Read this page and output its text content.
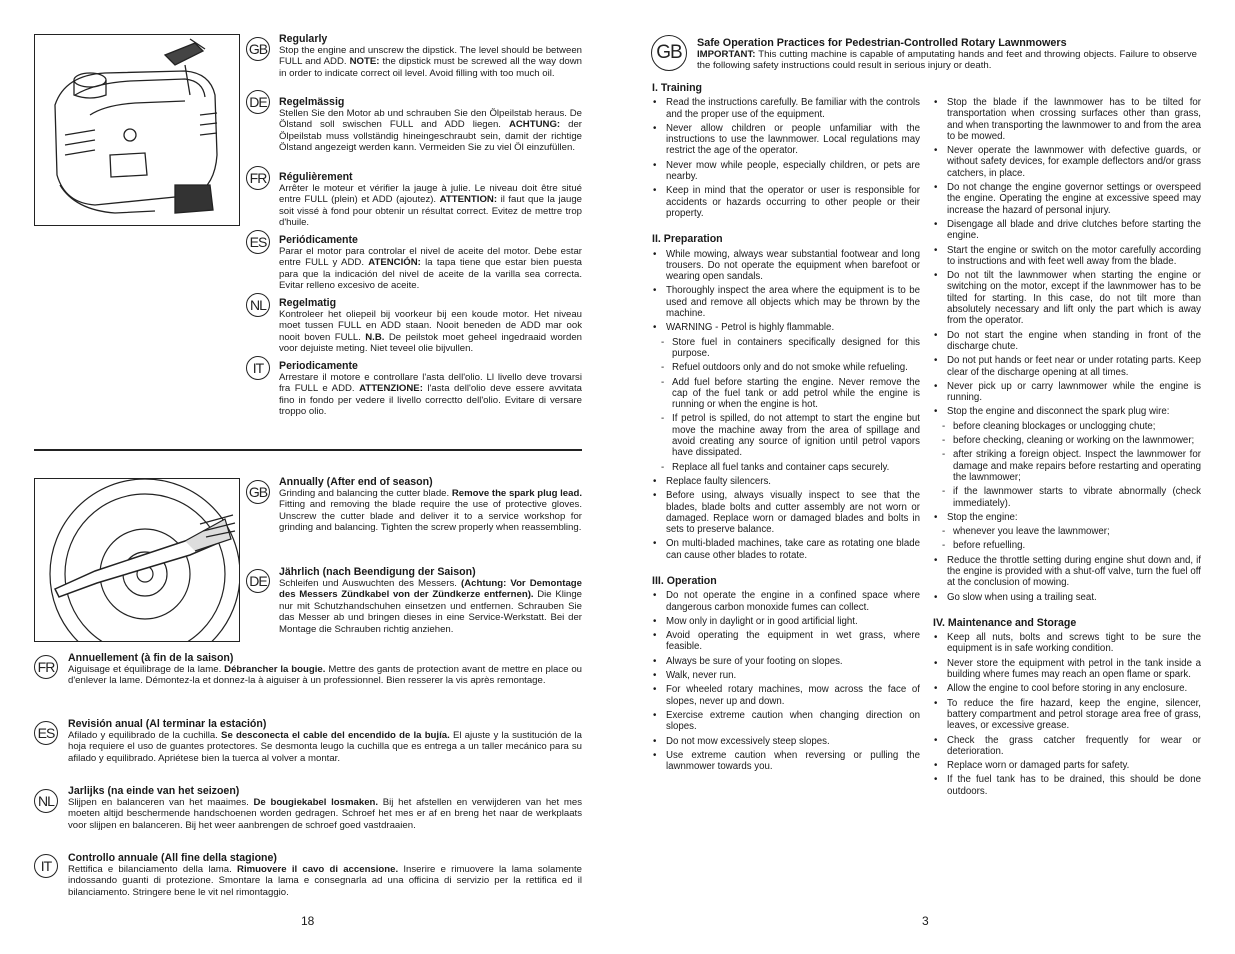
GB
Regularly
Stop the engine and unscrew the dipstick. The level should be between FULL and ADD. NOTE: the dipstick must be screwed all the way down in order to indicate correct oil level. Avoid filling with too much oil.
DE	Regelmässig
Stellen Sie den Motor ab und schrauben Sie den Ölpeilstab heraus. De Ölstand soll swischen FULL and ADD liegen. ACHTUNG: der Ölpeilstab muss vollständig hineingeschraubt sein, damit der richtige Ölstand angezeigt werden kann. Vermeiden Sie zu viel Öl einzufüllen.
FR	Régulièrement
Arrêter le moteur et vérifier la jauge à julie. Le niveau doit être situé entre FULL (plein) et ADD (ajoutez). ATTENTION: il faut que la jauge soit vissé à fond pour obtenir un résultat correct. Evitez de mettre trop d'huile.
ES	Periódicamente
Parar el motor para controlar el nivel de aceite del motor. Debe estar entre FULL y ADD. ATENCIÓN: la tapa tiene que estar bien puesta para que la indicación del nivel de aceite de la varilla sea correcta. Evitar relleno excesivo de aceite.
NL	Regelmatig
Kontroleer het oliepeil bij voorkeur bij een koude motor. Het niveau moet tussen FULL en ADD staan. Nooit beneden de ADD mar ook nooit boven FULL. N.B. De peilstok moet geheel ingedraaid worden voor dejuiste meting. Niet teveel olie bijvullen.
IT	Periodicamente
Arrestare il motore e controllare l'asta dell'olio. Ll livello deve trovarsi fra FULL e ADD. ATTENZIONE: l'asta dell'olio deve essere avvitata fino in fondo per vedere il livello correctto dell'olio. Evitare di versare troppo olio.
GB
Annually (After end of season)
Grinding and balancing the cutter blade. Remove the spark plug lead. Fitting and removing the blade require the use of protective gloves. Unscrew the cutter blade and deliver it to a service workshop for grinding and balancing. Tighten the screw properly when reassembling.
DE
Jährlich (nach Beendigung der Saison)
Schleifen und Auswuchten des Messers. (Achtung: Vor Demontage des Messers Zündkabel von der Zündkerze entfernen). Die Klinge nur mit Schutzhandschuhen einsetzen und entfernen. Schrauben Sie das Messer ab und bringen dieses in eine Service-Werkstatt. Bei der Montage die Schrauben richtig anziehen.
FR
Annuellement (à fin de la saison)
Aiguisage et équilibrage de la lame. Débrancher la bougie. Mettre des gants de protection avant de mettre en place ou d'enlever la lame. Démontez-la et donnez-la à aiguiser à un professionnel. Bien resserer la vis après remontage.
ES
Revisión anual (Al terminar la estación)
Afilado y equilibrado de la cuchilla. Se desconecta el cable del encendido de la bujía. El ajuste y la sustitución de la hoja requiere el uso de guantes protectores. Se desmonta leugo la cuchilla que es entrega a un taller mecánico para su afilado y equilibrado. Apriétese bien la tuerca al volver a montar.
NL
Jarlijks (na einde van het seizoen)
Slijpen en balanceren van het maaimes. De bougiekabel losmaken. Bij het afstellen en verwijderen van het mes moeten altijd beschermende handschoenen worden gedragen. Schroef het mes er af en breng het naar de werkplaats voor slijpen en balanceren. Bij het weer aanbrengen de schroef goed vastdraaien.
IT	Controllo annuale (All fine della stagione)
Rettifica e bilanciamento della lama. Rimuovere il cavo di accensione. Inserire e rimuovere la lama solamente indossando guanti di protezione. Smontare la lama e consegnarla ad una officina di servizio per la rettifica ed il bilanciamento. Stringere bene le vit nel rimontaggio.
18
GB	Safe Operation Practices for Pedestrian-Controlled Rotary Lawnmowers
IMPORTANT: This cutting machine is capable of amputating hands and feet and throwing objects. Failure to observe the following safety instructions could result in serious injury or death.
I. Training
• Read the instructions carefully. Be familiar with the controls and the proper use of the equipment.
• Never allow children or people unfamiliar with the instructions to use the lawnmower. Local regulations may restrict the age of the operator.
• Never mow while people, especially children, or pets are nearby.
• Keep in mind that the operator or user is responsible for accidents or hazards occurring to other people or their property.
II. Preparation
• While mowing, always wear substantial footwear and long trousers. Do not operate the equipment when barefoot or wearing open sandals.
• Thoroughly inspect the area where the equipment is to be used and remove all objects which may be thrown by the machine.
• WARNING - Petrol is highly flammable.
- Store fuel in containers specifically designed for this purpose.
- Refuel outdoors only and do not smoke while refueling.
- Add fuel before starting the engine. Never remove the cap of the fuel tank or add petrol while the engine is running or when the engine is hot.
- If petrol is spilled, do not attempt to start the engine but move the machine away from the area of spillage and avoid creating any source of ignition until petrol vapors have dissipated.
- Replace all fuel tanks and container caps securely.
• Replace faulty silencers.
• Before using, always visually inspect to see that the blades, blade bolts and cutter assembly are not worn or damaged. Replace worn or damaged blades and bolts in sets to preserve balance.
• On multi-bladed machines, take care as rotating one blade can cause other blades to rotate.
III. Operation
• Do not operate the engine in a confined space where dangerous carbon monoxide fumes can collect.
• Mow only in daylight or in good artificial light.
• Avoid operating the equipment in wet grass, where feasible.
• Always be sure of your footing on slopes.
• Walk, never run.
• For wheeled rotary machines, mow across the face of slopes, never up and down.
• Exercise extreme caution when changing direction on slopes.
• Do not mow excessively steep slopes.
• Use extreme caution when reversing or pulling the lawnmower towards you.
• Stop the blade if the lawnmower has to be tilted for transportation when crossing surfaces other than grass, and when transporting the lawnmower to and from the area to be mowed.
• Never operate the lawnmower with defective guards, or without safety devices, for example deflectors and/or grass catchers, in place.
• Do not change the engine governor settings or overspeed the engine. Operating the engine at excessive speed may increase the hazard of personal injury.
• Disengage all blade and drive clutches before starting the engine.
• Start the engine or switch on the motor carefully according to instructions and with feet well away from the blade.
• Do not tilt the lawnmower when starting the engine or switching on the motor, except if the lawnmower has to be tilted for starting. In this case, do not tilt more than absolutely necessary and lift only the part which is away from the operator.
• Do not start the engine when standing in front of the discharge chute.
• Do not put hands or feet near or under rotating parts. Keep clear of the discharge opening at all times.
• Never pick up or carry lawnmower while the engine is running.
• Stop the engine and disconnect the spark plug wire:
- before cleaning blockages or unclogging chute;
- before checking, cleaning or working on the lawnmower;
- after striking a foreign object. Inspect the lawnmower for damage and make repairs before restarting and operating the lawnmower;
- if the lawnmower starts to vibrate abnormally (check immediately).
• Stop the engine:
- whenever you leave the lawnmower;
- before refuelling.
• Reduce the throttle setting during engine shut down and, if the engine is provided with a shut-off valve, turn the fuel off at the conclusion of mowing.
• Go slow when using a trailing seat.
IV. Maintenance and Storage
• Keep all nuts, bolts and screws tight to be sure the equipment is in safe working condition.
• Never store the equipment with petrol in the tank inside a building where fumes may reach an open flame or spark.
• Allow the engine to cool before storing in any enclosure.
• To reduce the fire hazard, keep the engine, silencer, battery compartment and petrol storage area free of grass, leaves, or excessive grease.
• Check the grass catcher frequently for wear or deterioration.
• Replace worn or damaged parts for safety.
• If the fuel tank has to be drained, this should be done outdoors.
3
